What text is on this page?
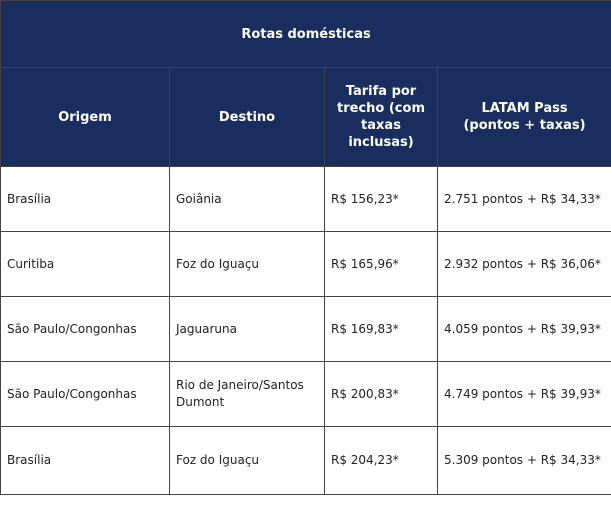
Rotas domésticas			
Origem	Destino	Tarifa por trecho (com taxas inclusas)	LATAM Pass (pontos + taxas)
Brasília	Goiânia	R$ 156,23*	2.751 pontos + R$ 34,33*
Curitiba	Foz do Iguaçu	R$ 165,96*	2.932 pontos + R$ 36,06*
São Paulo/Congonhas	Jaguaruna	R$ 169,83*	4.059 pontos + R$ 39,93*
São Paulo/Congonhas	Rio de Janeiro/Santos Dumont	R$ 200,83*	4.749 pontos + R$ 39,93*
Brasília	Foz do Iguaçu	R$ 204,23*	5.309 pontos + R$ 34,33*
